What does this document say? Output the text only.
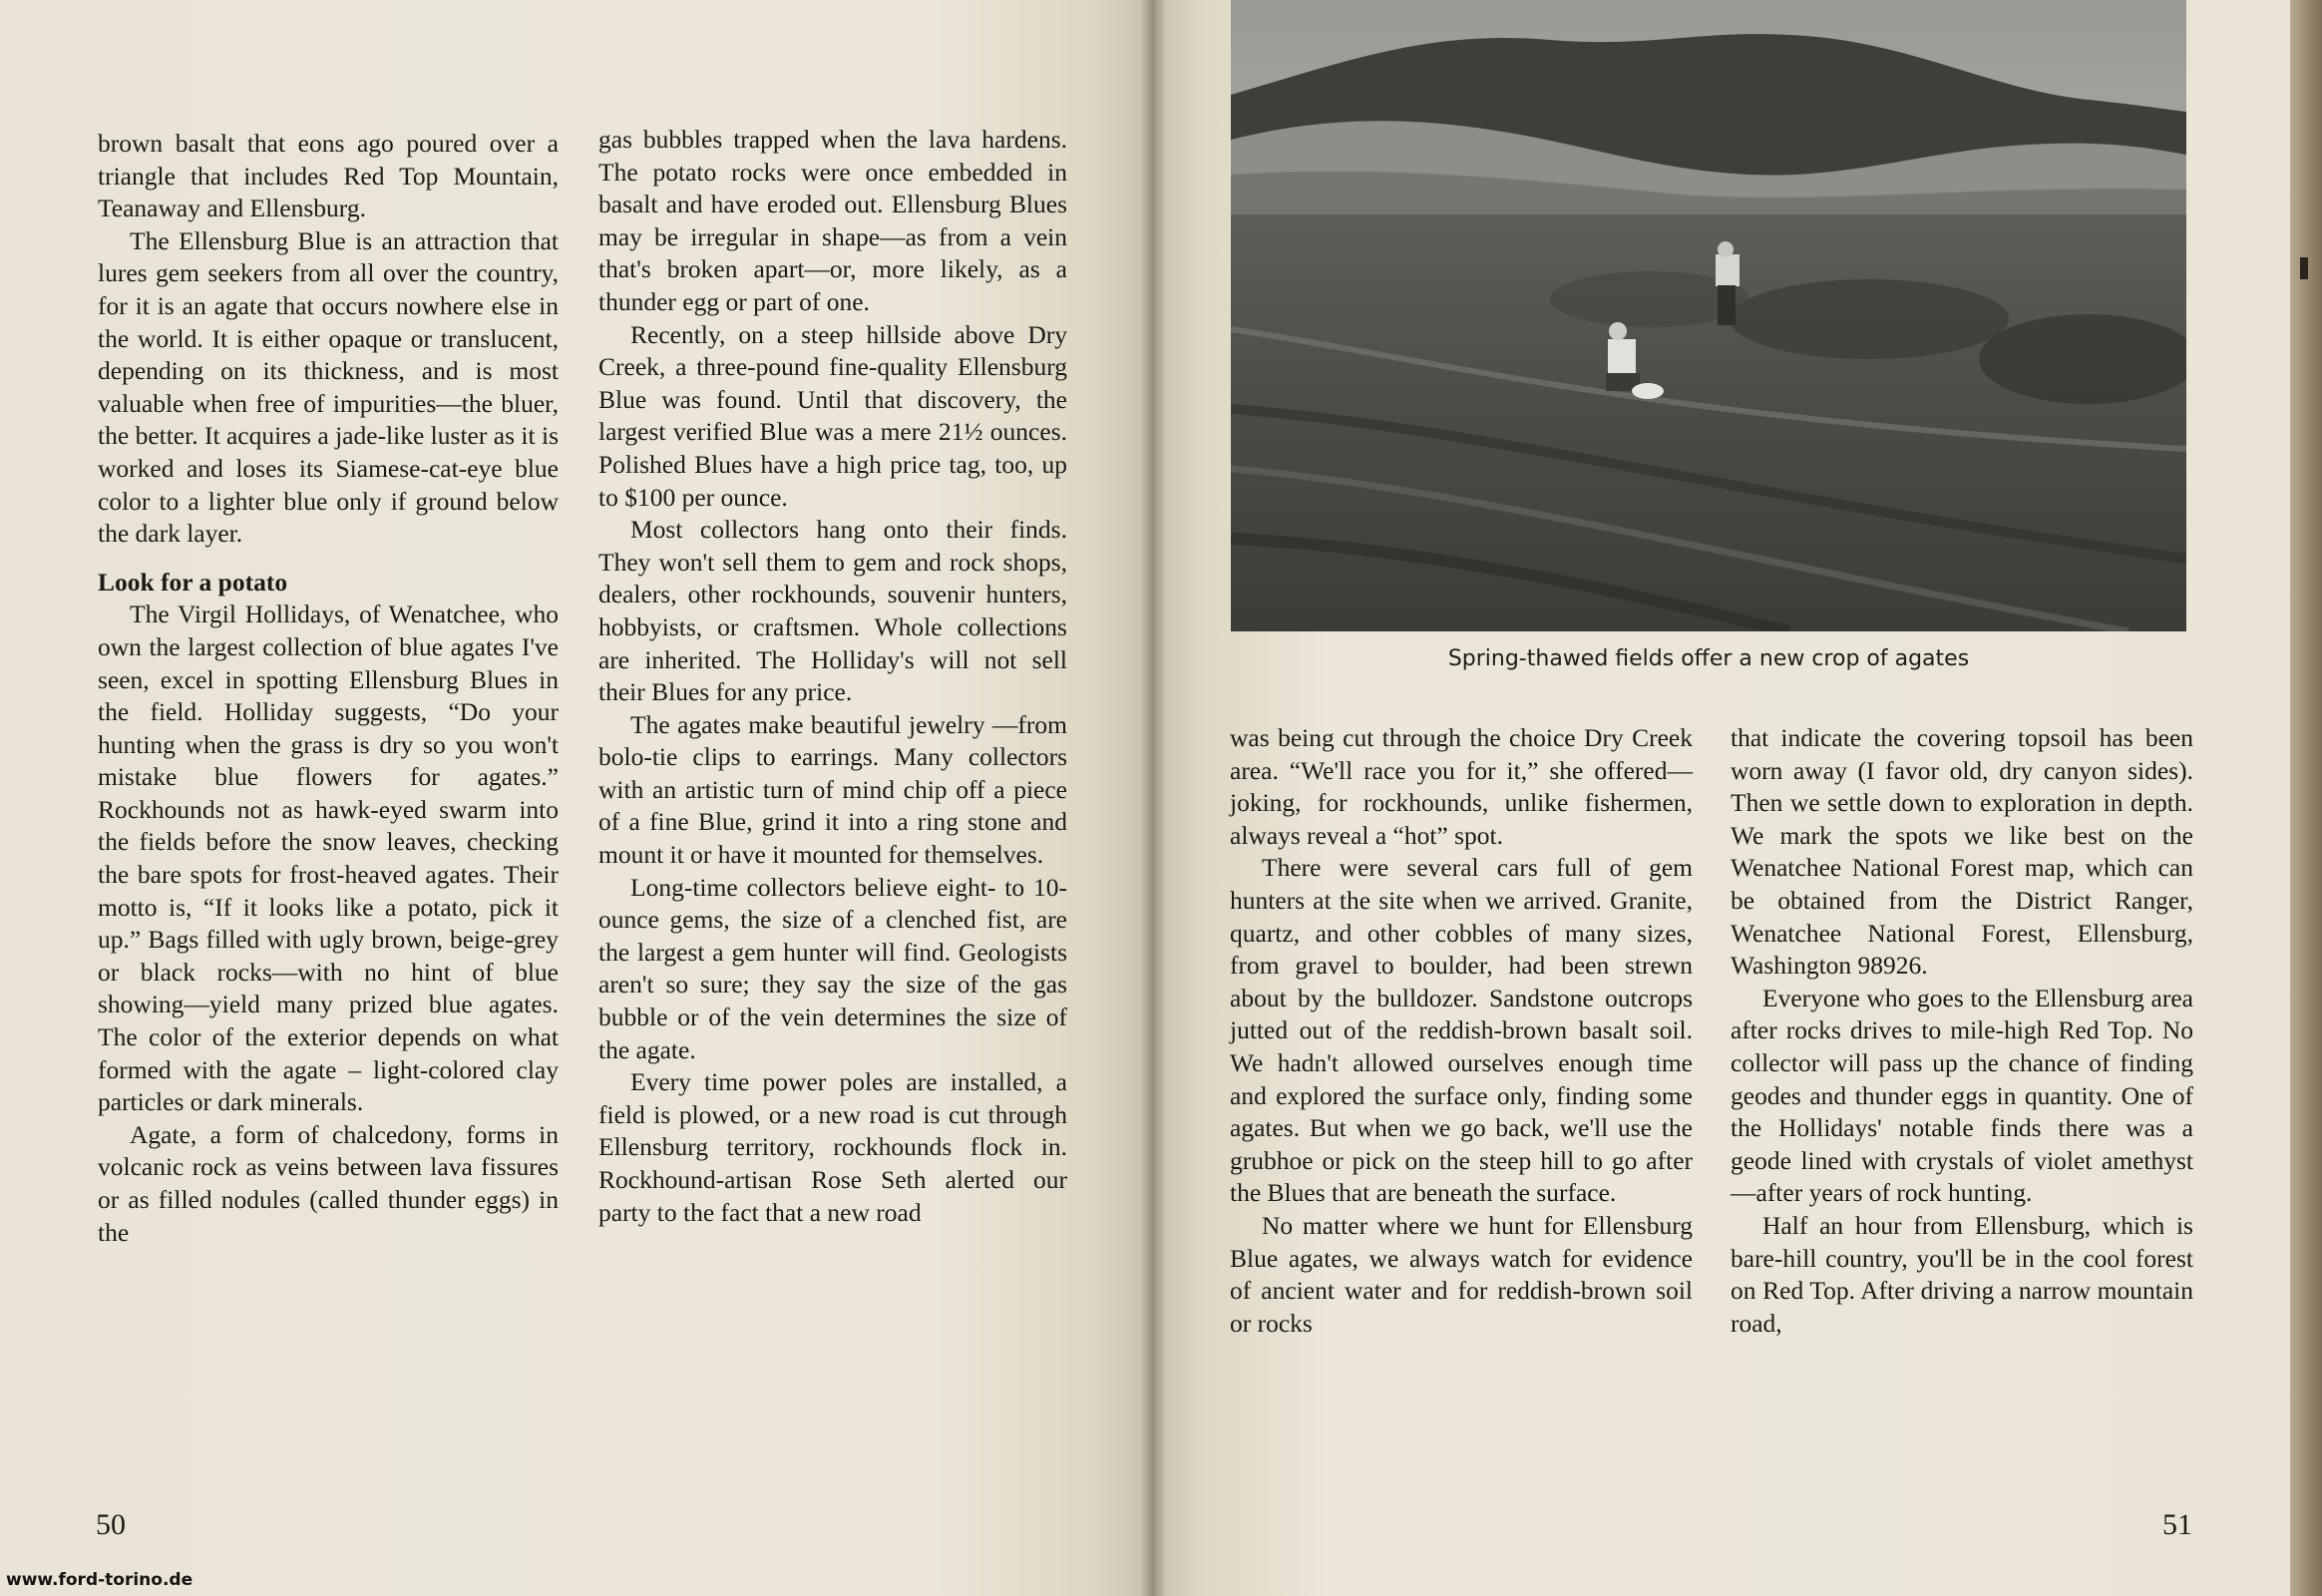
brown basalt that eons ago poured over a triangle that includes Red Top Mountain, Teanaway and Ellensburg.

The Ellensburg Blue is an attraction that lures gem seekers from all over the country, for it is an agate that occurs nowhere else in the world. It is either opaque or translucent, depending on its thickness, and is most valuable when free of impurities—the bluer, the better. It acquires a jade-like luster as it is worked and loses its Siamese-cat-eye blue color to a lighter blue only if ground below the dark layer.

Look for a potato

The Virgil Hollidays, of Wenatchee, who own the largest collection of blue agates I've seen, excel in spotting Ellensburg Blues in the field. Holliday suggests, “Do your hunting when the grass is dry so you won't mistake blue flowers for agates.” Rockhounds not as hawk-eyed swarm into the fields before the snow leaves, checking the bare spots for frost-heaved agates. Their motto is, “If it looks like a potato, pick it up.” Bags filled with ugly brown, beige-grey or black rocks—with no hint of blue showing—yield many prized blue agates. The color of the exterior depends on what formed with the agate – light-colored clay particles or dark minerals.

Agate, a form of chalcedony, forms in volcanic rock as veins between lava fissures or as filled nodules (called thunder eggs) in the

gas bubbles trapped when the lava hardens. The potato rocks were once embedded in basalt and have eroded out. Ellensburg Blues may be irregular in shape—as from a vein that's broken apart—or, more likely, as a thunder egg or part of one.

Recently, on a steep hillside above Dry Creek, a three-pound fine-quality Ellensburg Blue was found. Until that discovery, the largest verified Blue was a mere 21½ ounces. Polished Blues have a high price tag, too, up to $100 per ounce.

Most collectors hang onto their finds. They won't sell them to gem and rock shops, dealers, other rockhounds, souvenir hunters, hobbyists, or craftsmen. Whole collections are inherited. The Holliday's will not sell their Blues for any price.

The agates make beautiful jewelry —from bolo-tie clips to earrings. Many collectors with an artistic turn of mind chip off a piece of a fine Blue, grind it into a ring stone and mount it or have it mounted for themselves.

Long-time collectors believe eight- to 10-ounce gems, the size of a clenched fist, are the largest a gem hunter will find. Geologists aren't so sure; they say the size of the gas bubble or of the vein determines the size of the agate.

Every time power poles are installed, a field is plowed, or a new road is cut through Ellensburg territory, rockhounds flock in. Rockhound-artisan Rose Seth alerted our party to the fact that a new road

50
Spring-thawed fields offer a new crop of agates

was being cut through the choice Dry Creek area. “We'll race you for it,” she offered—joking, for rockhounds, unlike fishermen, always reveal a “hot” spot.

There were several cars full of gem hunters at the site when we arrived. Granite, quartz, and other cobbles of many sizes, from gravel to boulder, had been strewn about by the bulldozer. Sandstone outcrops jutted out of the reddish-brown basalt soil. We hadn't allowed ourselves enough time and explored the surface only, finding some agates. But when we go back, we'll use the grubhoe or pick on the steep hill to go after the Blues that are beneath the surface.

No matter where we hunt for Ellensburg Blue agates, we always watch for evidence of ancient water and for reddish-brown soil or rocks

that indicate the covering topsoil has been worn away (I favor old, dry canyon sides). Then we settle down to exploration in depth. We mark the spots we like best on the Wenatchee National Forest map, which can be obtained from the District Ranger, Wenatchee National Forest, Ellensburg, Washington 98926.

Everyone who goes to the Ellensburg area after rocks drives to mile-high Red Top. No collector will pass up the chance of finding geodes and thunder eggs in quantity. One of the Hollidays' notable finds there was a geode lined with crystals of violet amethyst—after years of rock hunting.

Half an hour from Ellensburg, which is bare-hill country, you'll be in the cool forest on Red Top. After driving a narrow mountain road,

51
www.ford-torino.de
